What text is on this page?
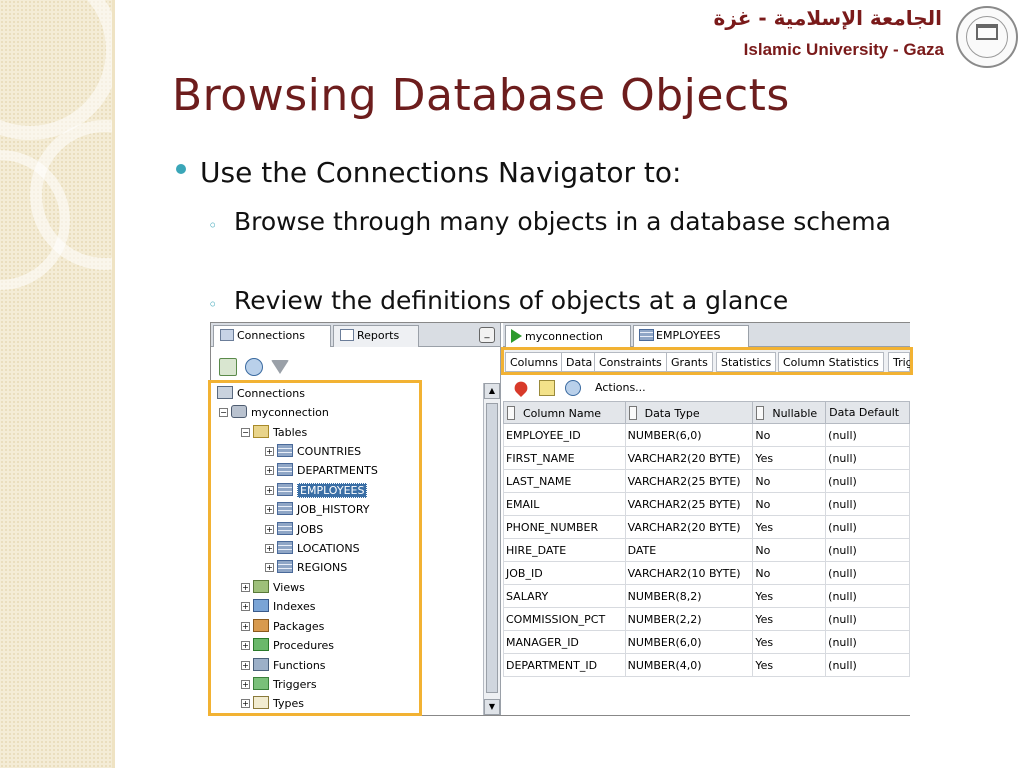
الجامعة الإسلامية - غزة
Islamic University - Gaza
Browsing Database Objects
Use the Connections Navigator to:
◦ Browse through many objects in a database schema
◦ Review the definitions of objects at a glance
Connections	Reports	_
Connections
− myconnection
− Tables
+ COUNTRIES
+ DEPARTMENTS
+ EMPLOYEES
+ JOB_HISTORY
+ JOBS
+ LOCATIONS
+ REGIONS
+ Views
+ Indexes
+ Packages
+ Procedures
+ Functions
+ Triggers
+ Types
▲
▼
myconnection	EMPLOYEES
Columns Data Constraints Grants	Statistics	Column Statistics	Trig
Actions...
Column Name	Data Type	Nullable	Data Default
EMPLOYEE_ID	NUMBER(6,0)	No	(null)
FIRST_NAME	VARCHAR2(20 BYTE)	Yes	(null)
LAST_NAME	VARCHAR2(25 BYTE)	No	(null)
EMAIL	VARCHAR2(25 BYTE)	No	(null)
PHONE_NUMBER	VARCHAR2(20 BYTE)	Yes	(null)
HIRE_DATE	DATE	No	(null)
JOB_ID	VARCHAR2(10 BYTE)	No	(null)
SALARY	NUMBER(8,2)	Yes	(null)
COMMISSION_PCT	NUMBER(2,2)	Yes	(null)
MANAGER_ID	NUMBER(6,0)	Yes	(null)
DEPARTMENT_ID	NUMBER(4,0)	Yes	(null)
